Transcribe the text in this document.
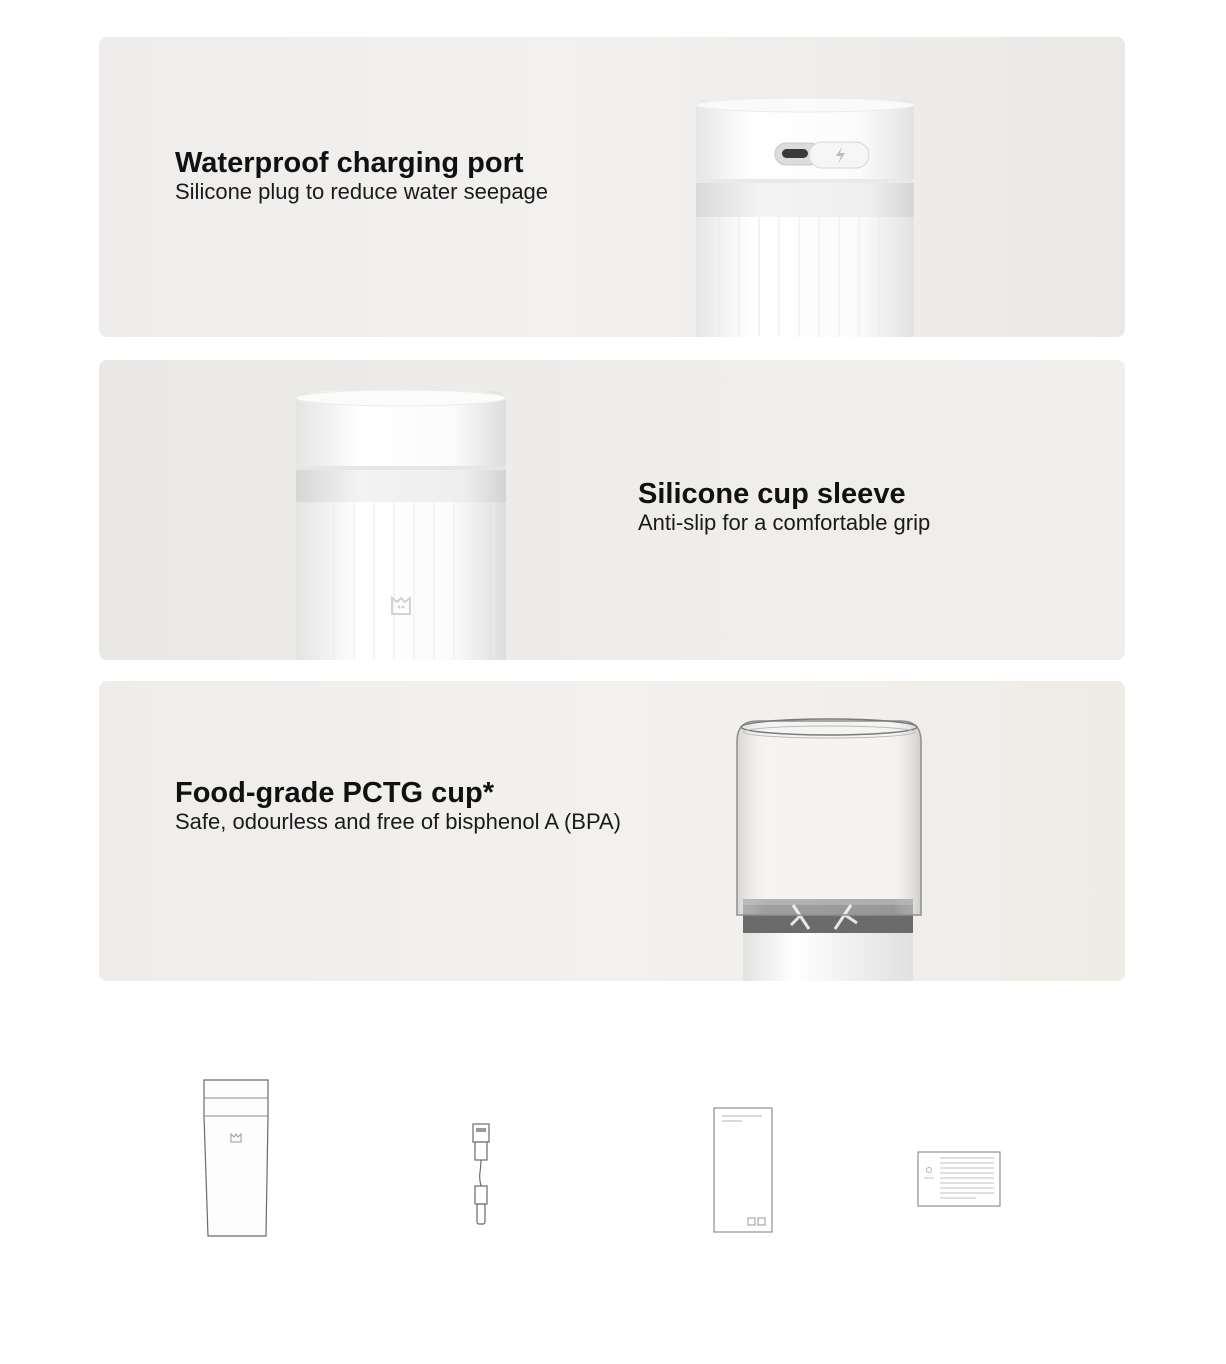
Waterproof charging port

Silicone plug to reduce water seepage

Silicone cup sleeve

Anti-slip for a comfortable grip

Food-grade PCTG cup*

Safe, odourless and free of bisphenol A (BPA)
